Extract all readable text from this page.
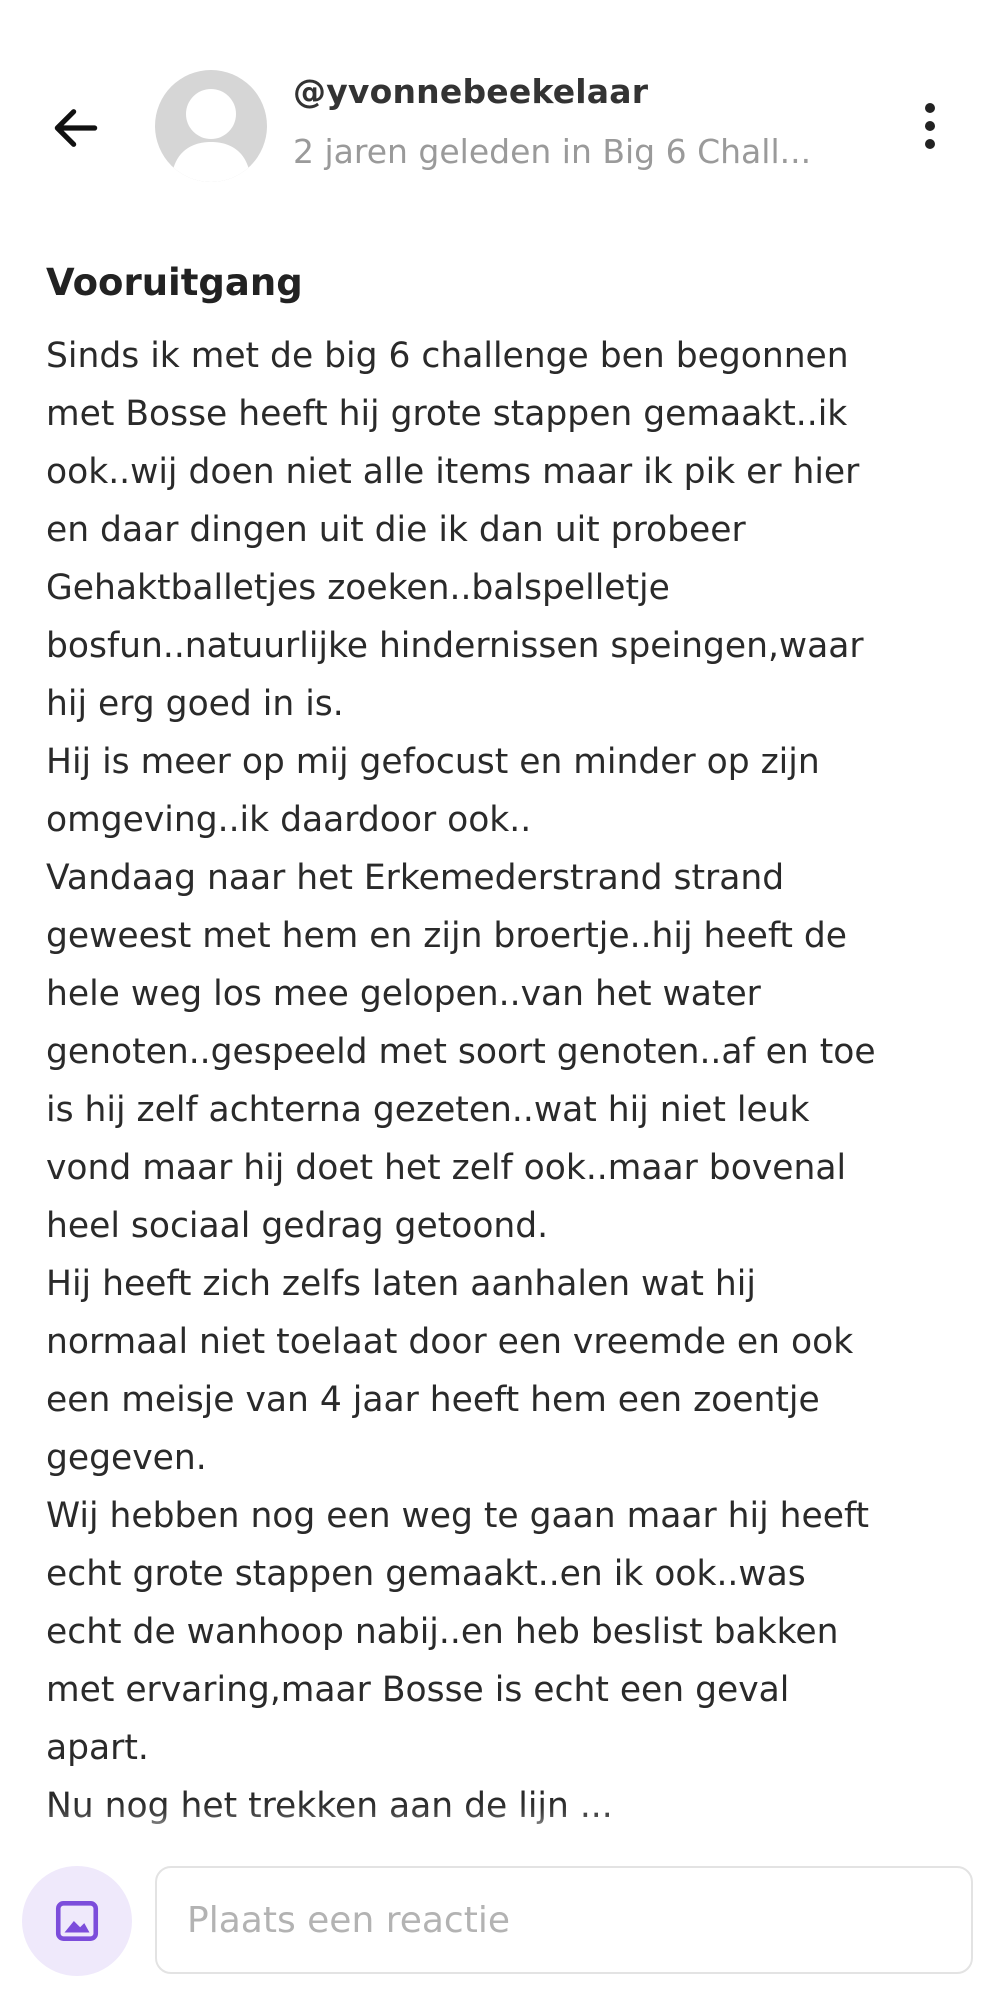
@yvonnebeekelaar
2 jaren geleden in Big 6 Chall...
Vooruitgang

Sinds ik met de big 6 challenge ben begonnen

met Bosse heeft hij grote stappen gemaakt..ik

ook..wij doen niet alle items maar ik pik er hier

en daar dingen uit die ik dan uit probeer

Gehaktballetjes zoeken..balspelletje

bosfun..natuurlijke hindernissen speingen,waar

hij erg goed in is.

Hij is meer op mij gefocust en minder op zijn

omgeving..ik daardoor ook..

Vandaag naar het Erkemederstrand strand

geweest met hem en zijn broertje..hij heeft de

hele weg los mee gelopen..van het water

genoten..gespeeld met soort genoten..af en toe

is hij zelf achterna gezeten..wat hij niet leuk

vond maar hij doet het zelf ook..maar bovenal

heel sociaal gedrag getoond.

Hij heeft zich zelfs laten aanhalen wat hij

normaal niet toelaat door een vreemde en ook

een meisje van 4 jaar heeft hem een zoentje

gegeven.

Wij hebben nog een weg te gaan maar hij heeft

echt grote stappen gemaakt..en ik ook..was

echt de wanhoop nabij..en heb beslist bakken

met ervaring,maar Bosse is echt een geval

apart.

Nu nog het trekken aan de lijn ...

Plaats een reactie
